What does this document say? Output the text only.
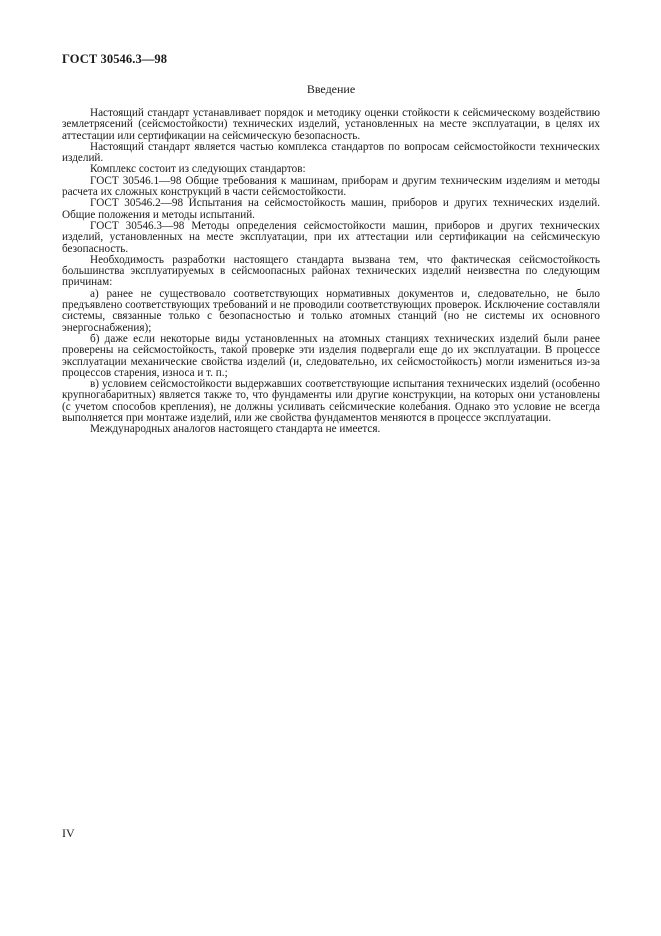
ГОСТ 30546.3—98
Введение

Настоящий стандарт устанавливает порядок и методику оценки стойкости к сейсмическому воздействию землетрясений (сейсмостойкости) технических изделий, установленных на месте эксплуатации, в целях их аттестации или сертификации на сейсмическую безопасность.

Настоящий стандарт является частью комплекса стандартов по вопросам сейсмостойкости технических изделий.

Комплекс состоит из следующих стандартов:

ГОСТ 30546.1—98 Общие требования к машинам, приборам и другим техническим изделиям и методы расчета их сложных конструкций в части сейсмостойкости.

ГОСТ 30546.2—98 Испытания на сейсмостойкость машин, приборов и других технических изделий. Общие положения и методы испытаний.

ГОСТ 30546.3—98 Методы определения сейсмостойкости машин, приборов и других технических изделий, установленных на месте эксплуатации, при их аттестации или сертификации на сейсмическую безопасность.

Необходимость разработки настоящего стандарта вызвана тем, что фактическая сейсмостойкость большинства эксплуатируемых в сейсмоопасных районах технических изделий неизвестна по следующим причинам:

а) ранее не существовало соответствующих нормативных документов и, следовательно, не было предъявлено соответствующих требований и не проводили соответствующих проверок. Исключение составляли системы, связанные только с безопасностью и только атомных станций (но не системы их основного энергоснабжения);

б) даже если некоторые виды установленных на атомных станциях технических изделий были ранее проверены на сейсмостойкость, такой проверке эти изделия подвергали еще до их эксплуатации. В процессе эксплуатации механические свойства изделий (и, следовательно, их сейсмостойкость) могли измениться из-за процессов старения, износа и т. п.;

в) условием сейсмостойкости выдержавших соответствующие испытания технических изделий (особенно крупногабаритных) является также то, что фундаменты или другие конструкции, на которых они установлены (с учетом способов крепления), не должны усиливать сейсмические колебания. Однако это условие не всегда выполняется при монтаже изделий, или же свойства фундаментов меняются в процессе эксплуатации.

Международных аналогов настоящего стандарта не имеется.

IV
